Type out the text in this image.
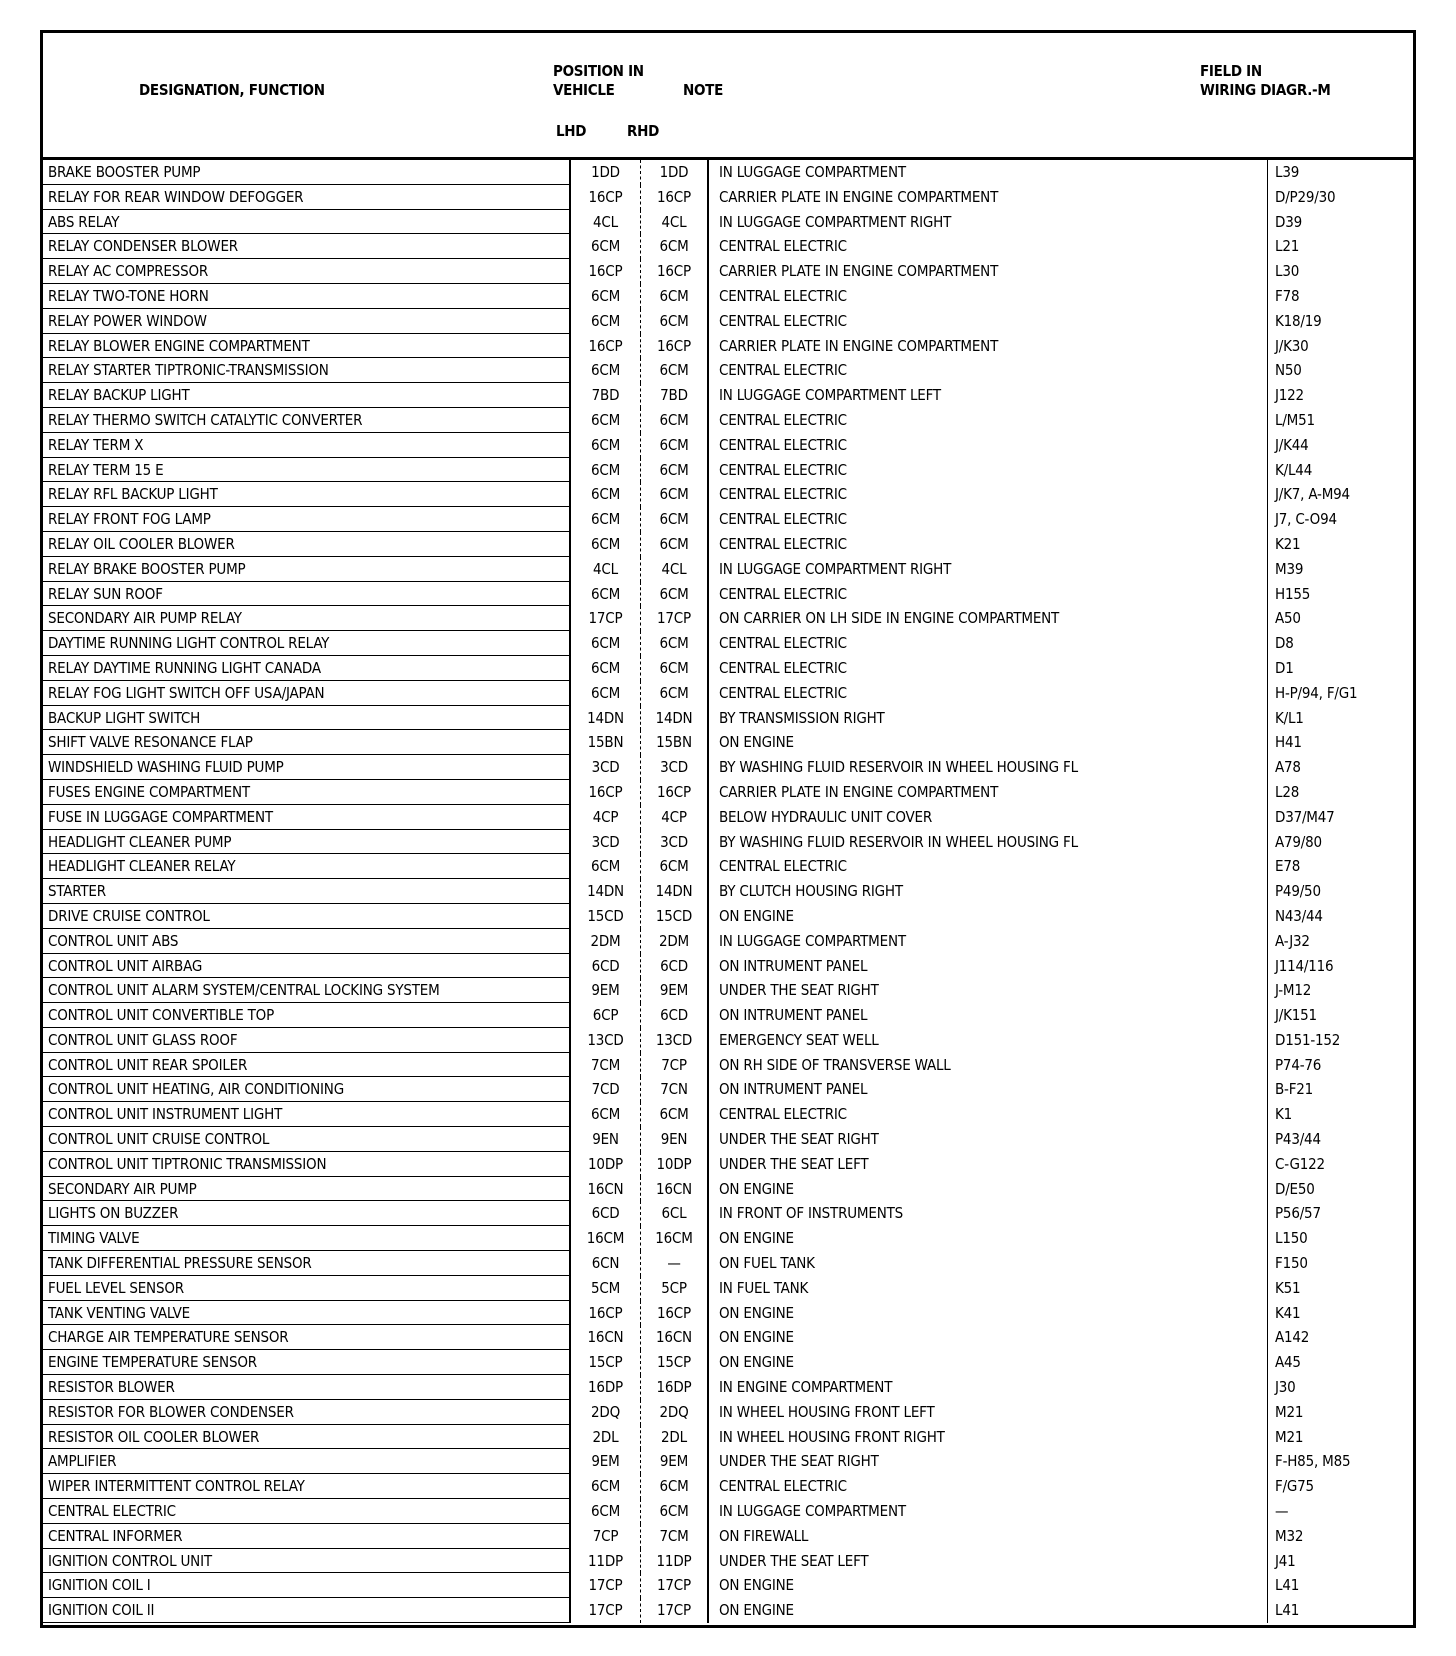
DESIGNATION, FUNCTION
POSITION IN
VEHICLE
LHD	RHD
NOTE
FIELD IN
WIRING DIAGR.-M
BRAKE BOOSTER PUMP	1DD	1DD	IN LUGGAGE COMPARTMENT	L39
RELAY FOR REAR WINDOW DEFOGGER	16CP	16CP	CARRIER PLATE IN ENGINE COMPARTMENT	D/P29/30
ABS RELAY	4CL	4CL	IN LUGGAGE COMPARTMENT RIGHT	D39
RELAY CONDENSER BLOWER	6CM	6CM	CENTRAL ELECTRIC	L21
RELAY AC COMPRESSOR	16CP	16CP	CARRIER PLATE IN ENGINE COMPARTMENT	L30
RELAY TWO-TONE HORN	6CM	6CM	CENTRAL ELECTRIC	F78
RELAY POWER WINDOW	6CM	6CM	CENTRAL ELECTRIC	K18/19
RELAY BLOWER ENGINE COMPARTMENT	16CP	16CP	CARRIER PLATE IN ENGINE COMPARTMENT	J/K30
RELAY STARTER TIPTRONIC-TRANSMISSION	6CM	6CM	CENTRAL ELECTRIC	N50
RELAY BACKUP LIGHT	7BD	7BD	IN LUGGAGE COMPARTMENT LEFT	J122
RELAY THERMO SWITCH CATALYTIC CONVERTER	6CM	6CM	CENTRAL ELECTRIC	L/M51
RELAY TERM X	6CM	6CM	CENTRAL ELECTRIC	J/K44
RELAY TERM 15 E	6CM	6CM	CENTRAL ELECTRIC	K/L44
RELAY RFL BACKUP LIGHT	6CM	6CM	CENTRAL ELECTRIC	J/K7, A-M94
RELAY FRONT FOG LAMP	6CM	6CM	CENTRAL ELECTRIC	J7, C-O94
RELAY OIL COOLER BLOWER	6CM	6CM	CENTRAL ELECTRIC	K21
RELAY BRAKE BOOSTER PUMP	4CL	4CL	IN LUGGAGE COMPARTMENT RIGHT	M39
RELAY SUN ROOF	6CM	6CM	CENTRAL ELECTRIC	H155
SECONDARY AIR PUMP RELAY	17CP	17CP	ON CARRIER ON LH SIDE IN ENGINE COMPARTMENT	A50
DAYTIME RUNNING LIGHT CONTROL RELAY	6CM	6CM	CENTRAL ELECTRIC	D8
RELAY DAYTIME RUNNING LIGHT CANADA	6CM	6CM	CENTRAL ELECTRIC	D1
RELAY FOG LIGHT SWITCH OFF USA/JAPAN	6CM	6CM	CENTRAL ELECTRIC	H-P/94, F/G1
BACKUP LIGHT SWITCH	14DN	14DN	BY TRANSMISSION RIGHT	K/L1
SHIFT VALVE RESONANCE FLAP	15BN	15BN	ON ENGINE	H41
WINDSHIELD WASHING FLUID PUMP	3CD	3CD	BY WASHING FLUID RESERVOIR IN WHEEL HOUSING FL	A78
FUSES ENGINE COMPARTMENT	16CP	16CP	CARRIER PLATE IN ENGINE COMPARTMENT	L28
FUSE IN LUGGAGE COMPARTMENT	4CP	4CP	BELOW HYDRAULIC UNIT COVER	D37/M47
HEADLIGHT CLEANER PUMP	3CD	3CD	BY WASHING FLUID RESERVOIR IN WHEEL HOUSING FL	A79/80
HEADLIGHT CLEANER RELAY	6CM	6CM	CENTRAL ELECTRIC	E78
STARTER	14DN	14DN	BY CLUTCH HOUSING RIGHT	P49/50
DRIVE CRUISE CONTROL	15CD	15CD	ON ENGINE	N43/44
CONTROL UNIT ABS	2DM	2DM	IN LUGGAGE COMPARTMENT	A-J32
CONTROL UNIT AIRBAG	6CD	6CD	ON INTRUMENT PANEL	J114/116
CONTROL UNIT ALARM SYSTEM/CENTRAL LOCKING SYSTEM	9EM	9EM	UNDER THE SEAT RIGHT	J-M12
CONTROL UNIT CONVERTIBLE TOP	6CP	6CD	ON INTRUMENT PANEL	J/K151
CONTROL UNIT GLASS ROOF	13CD	13CD	EMERGENCY SEAT WELL	D151-152
CONTROL UNIT REAR SPOILER	7CM	7CP	ON RH SIDE OF TRANSVERSE WALL	P74-76
CONTROL UNIT HEATING, AIR CONDITIONING	7CD	7CN	ON INTRUMENT PANEL	B-F21
CONTROL UNIT INSTRUMENT LIGHT	6CM	6CM	CENTRAL ELECTRIC	K1
CONTROL UNIT CRUISE CONTROL	9EN	9EN	UNDER THE SEAT RIGHT	P43/44
CONTROL UNIT TIPTRONIC TRANSMISSION	10DP	10DP	UNDER THE SEAT LEFT	C-G122
SECONDARY AIR PUMP	16CN	16CN	ON ENGINE	D/E50
LIGHTS ON BUZZER	6CD	6CL	IN FRONT OF INSTRUMENTS	P56/57
TIMING VALVE	16CM	16CM	ON ENGINE	L150
TANK DIFFERENTIAL PRESSURE SENSOR	6CN	—	ON FUEL TANK	F150
FUEL LEVEL SENSOR	5CM	5CP	IN FUEL TANK	K51
TANK VENTING VALVE	16CP	16CP	ON ENGINE	K41
CHARGE AIR TEMPERATURE SENSOR	16CN	16CN	ON ENGINE	A142
ENGINE TEMPERATURE SENSOR	15CP	15CP	ON ENGINE	A45
RESISTOR BLOWER	16DP	16DP	IN ENGINE COMPARTMENT	J30
RESISTOR FOR BLOWER CONDENSER	2DQ	2DQ	IN WHEEL HOUSING FRONT LEFT	M21
RESISTOR OIL COOLER BLOWER	2DL	2DL	IN WHEEL HOUSING FRONT RIGHT	M21
AMPLIFIER	9EM	9EM	UNDER THE SEAT RIGHT	F-H85, M85
WIPER INTERMITTENT CONTROL RELAY	6CM	6CM	CENTRAL ELECTRIC	F/G75
CENTRAL ELECTRIC	6CM	6CM	IN LUGGAGE COMPARTMENT	—
CENTRAL INFORMER	7CP	7CM	ON FIREWALL	M32
IGNITION CONTROL UNIT	11DP	11DP	UNDER THE SEAT LEFT	J41
IGNITION COIL I	17CP	17CP	ON ENGINE	L41
IGNITION COIL II	17CP	17CP	ON ENGINE	L41
